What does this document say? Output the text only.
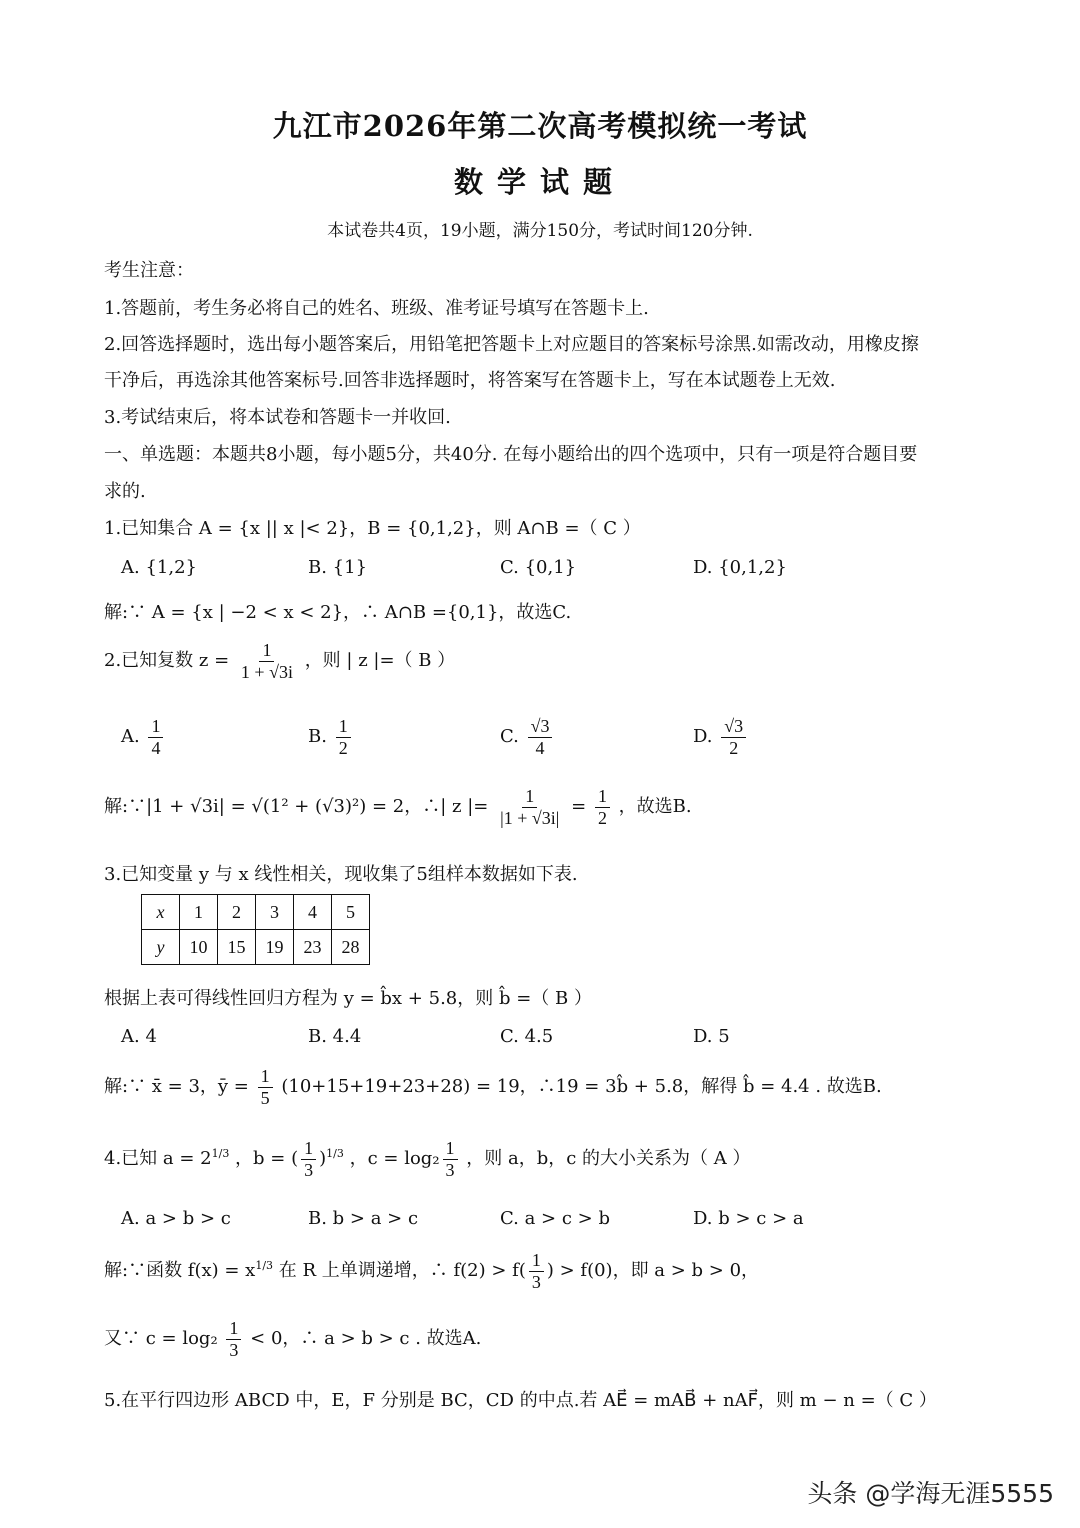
九江市2026年第二次高考模拟统一考试
数学试题
本试卷共4页，19小题，满分150分，考试时间120分钟.
考生注意：
1.答题前，考生务必将自己的姓名、班级、准考证号填写在答题卡上.
2.回答选择题时，选出每小题答案后，用铅笔把答题卡上对应题目的答案标号涂黑.如需改动，用橡皮擦
干净后，再选涂其他答案标号.回答非选择题时，将答案写在答题卡上，写在本试题卷上无效.
3.考试结束后，将本试卷和答题卡一并收回.
一、单选题：本题共8小题，每小题5分，共40分. 在每小题给出的四个选项中，只有一项是符合题目要
求的.
1.已知集合 A = {x || x |< 2}，B = {0,1,2}，则 A∩B =（ C ）
A. {1,2}	B. {1}	C. {0,1}	D. {0,1,2}
解:∵ A = {x | −2 < x < 2}，∴ A∩B ={0,1}，故选C.
2.已知复数 $z = \frac{1}{1 + √3i}$ ，则 | z |=（ B ）
A. $\frac{1}{4}$	B. $\frac{1}{2}$	C. $\frac{√3}{4}$	D. $\frac{√3}{2}$
解:∵|1 + √3i| = √(1² + (√3)²) = 2，∴| z |= $\frac{1}{|1 + √3i|} = \frac{1}{2}$ ，故选B.
3.已知变量 y 与 x 线性相关，现收集了5组样本数据如下表.
x	1	2	3	4	5
y	10	15	19	23	28
根据上表可得线性回归方程为 y = b̂x + 5.8，则 b̂ =（ B ）
A. 4	B. 4.4	C. 4.5	D. 5
解:∵ x̄ = 3，ȳ = $\frac{1}{5} (10+15+19+23+28) = 19$，∴19 = 3b̂ + 5.8，解得 b̂ = 4.4 . 故选B.
4.已知 $a = 2^{1/3}$ ，b = ( $\frac{1}{3} )^{1/3}$ ，$c = \log_2 \frac{1}{3}$ ，则 a，b，c 的大小关系为（ A ）
A. a > b > c	B. b > a > c	C. a > c > b	D. b > c > a
解:∵函数 $f(x) = x^{1/3}$ 在 R 上单调递增，∴ $f(2) > f( \frac{1}{3}$ ) > f(0)，即 a > b > 0，
又∵ $c = \log_2 \frac{1}{3} < 0$，∴ a > b > c . 故选A.
5.在平行四边形 ABCD 中，E，F 分别是 BC，CD 的中点.若 AE⃗ = mAB⃗ + nAF⃗，则 m − n =（ C ）
头条 @学海无涯5555
